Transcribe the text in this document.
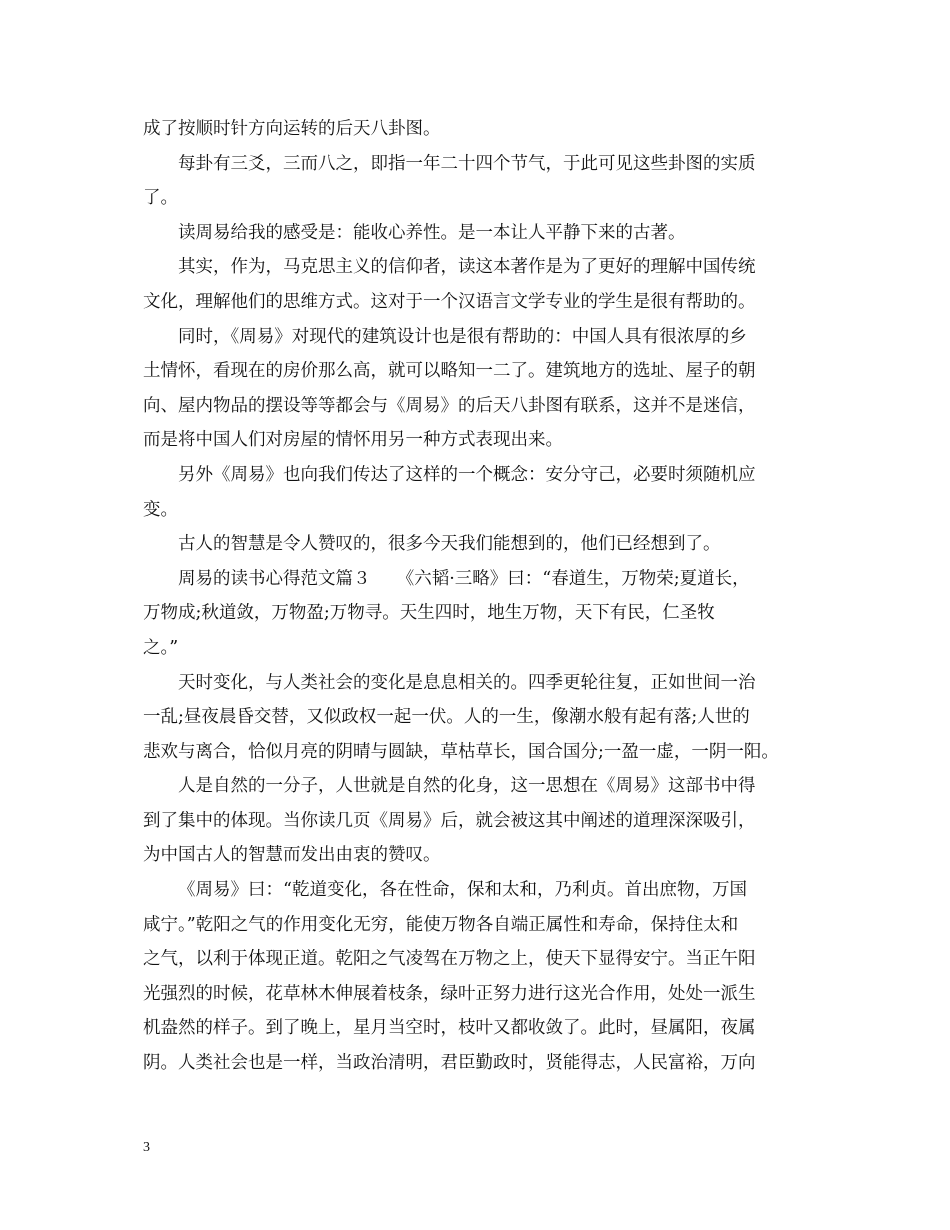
成了按顺时针方向运转的后天八卦图。
每卦有三爻，三而八之，即指一年二十四个节气，于此可见这些卦图的实质
了。
读周易给我的感受是：能收心养性。是一本让人平静下来的古著。
其实，作为，马克思主义的信仰者，读这本著作是为了更好的理解中国传统
文化，理解他们的思维方式。这对于一个汉语言文学专业的学生是很有帮助的。
同时，《周易》对现代的建筑设计也是很有帮助的：中国人具有很浓厚的乡
土情怀，看现在的房价那么高，就可以略知一二了。建筑地方的选址、屋子的朝
向、屋内物品的摆设等等都会与《周易》的后天八卦图有联系，这并不是迷信，
而是将中国人们对房屋的情怀用另一种方式表现出来。
另外《周易》也向我们传达了这样的一个概念：安分守己，必要时须随机应
变。
古人的智慧是令人赞叹的，很多今天我们能想到的，他们已经想到了。
周易的读书心得范文篇３　　《六韬·三略》曰：“春道生，万物荣;夏道长，
万物成;秋道敛，万物盈;万物寻。天生四时，地生万物，天下有民，仁圣牧
之。”
天时变化，与人类社会的变化是息息相关的。四季更轮往复，正如世间一治
一乱;昼夜晨昏交替，又似政权一起一伏。人的一生，像潮水般有起有落;人世的
悲欢与离合，恰似月亮的阴晴与圆缺，草枯草长，国合国分;一盈一虚，一阴一阳。
人是自然的一分子，人世就是自然的化身，这一思想在《周易》这部书中得
到了集中的体现。当你读几页《周易》后，就会被这其中阐述的道理深深吸引，
为中国古人的智慧而发出由衷的赞叹。
《周易》曰：“乾道变化，各在性命，保和太和，乃利贞。首出庶物，万国
咸宁。”乾阳之气的作用变化无穷，能使万物各自端正属性和寿命，保持住太和
之气，以利于体现正道。乾阳之气凌驾在万物之上，使天下显得安宁。当正午阳
光强烈的时候，花草林木伸展着枝条，绿叶正努力进行这光合作用，处处一派生
机盎然的样子。到了晚上，星月当空时，枝叶又都收敛了。此时，昼属阳，夜属
阴。人类社会也是一样，当政治清明，君臣勤政时，贤能得志，人民富裕，万向
3
